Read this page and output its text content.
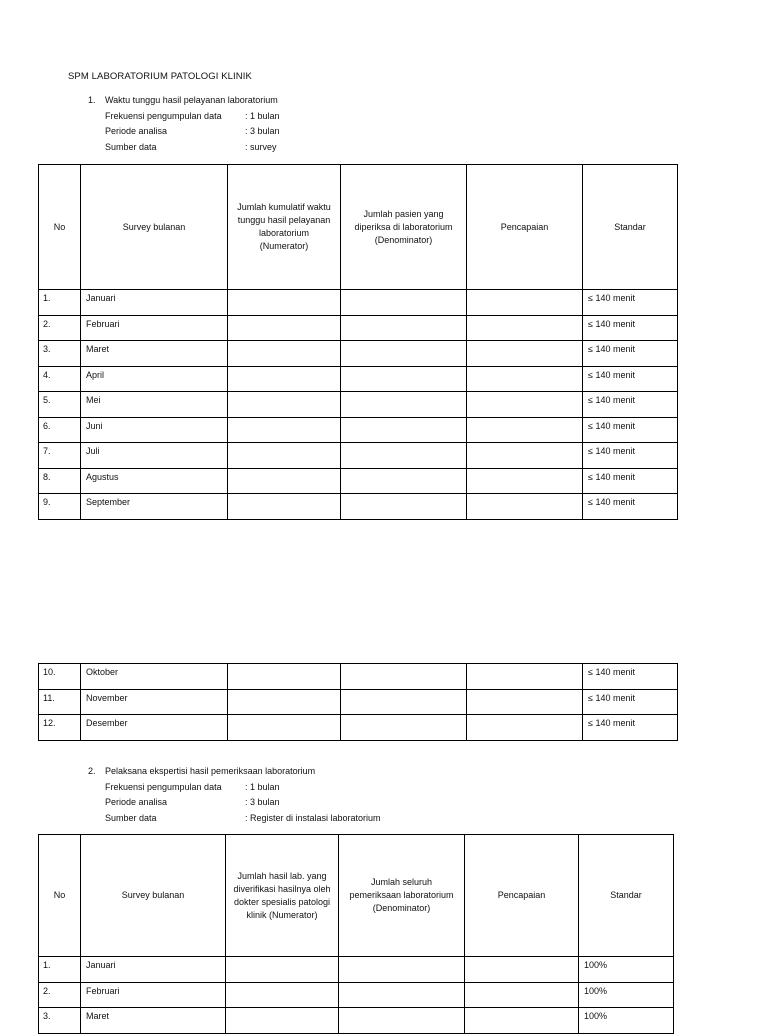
SPM LABORATORIUM PATOLOGI KLINIK
1. Waktu tunggu hasil pelayanan laboratorium
Frekuensi pengumpulan data	: 1 bulan
Periode analisa	: 3 bulan
Sumber data	: survey
No	Survey bulanan	Jumlah kumulatif waktu tunggu hasil pelayanan laboratorium (Numerator)	Jumlah pasien yang diperiksa di laboratorium (Denominator)	Pencapaian	Standar
1.	Januari				≤ 140 menit
2.	Februari				≤ 140 menit
3.	Maret				≤ 140 menit
4.	April				≤ 140 menit
5.	Mei				≤ 140 menit
6.	Juni				≤ 140 menit
7.	Juli				≤ 140 menit
8.	Agustus				≤ 140 menit
9.	September				≤ 140 menit
10.	Oktober				≤ 140 menit
11.	November				≤ 140 menit
12.	Desember				≤ 140 menit
2. Pelaksana ekspertisi hasil pemeriksaan laboratorium
Frekuensi pengumpulan data	: 1 bulan
Periode analisa	: 3 bulan
Sumber data	: Register di instalasi laboratorium
No	Survey bulanan	Jumlah hasil lab. yang diverifikasi hasilnya oleh dokter spesialis patologi klinik (Numerator)	Jumlah seluruh pemeriksaan laboratorium (Denominator)	Pencapaian	Standar
1.	Januari				100%
2.	Februari				100%
3.	Maret				100%
